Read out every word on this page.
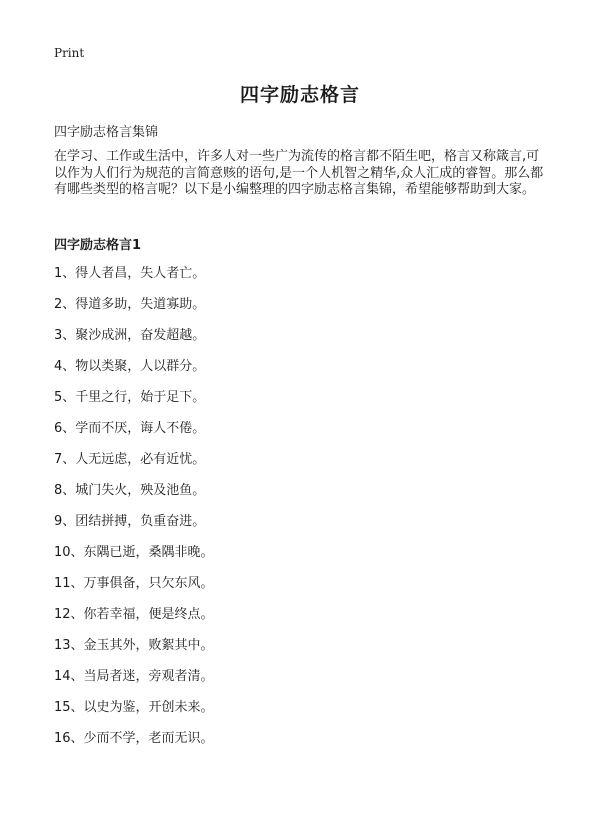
Print
四字励志格言

四字励志格言集锦

在学习、工作或生活中，许多人对一些广为流传的格言都不陌生吧，格言又称箴言,可以作为人们行为规范的言简意赅的语句,是一个人机智之精华,众人汇成的睿智。那么都有哪些类型的格言呢？以下是小编整理的四字励志格言集锦，希望能够帮助到大家。

四字励志格言1
1、得人者昌，失人者亡。
2、得道多助，失道寡助。
3、聚沙成洲，奋发超越。
4、物以类聚，人以群分。
5、千里之行，始于足下。
6、学而不厌，诲人不倦。
7、人无远虑，必有近忧。
8、城门失火，殃及池鱼。
9、团结拼搏，负重奋进。
10、东隅已逝，桑隅非晚。
11、万事俱备，只欠东风。
12、你若幸福，便是终点。
13、金玉其外，败絮其中。
14、当局者迷，旁观者清。
15、以史为鉴，开创未来。
16、少而不学，老而无识。
